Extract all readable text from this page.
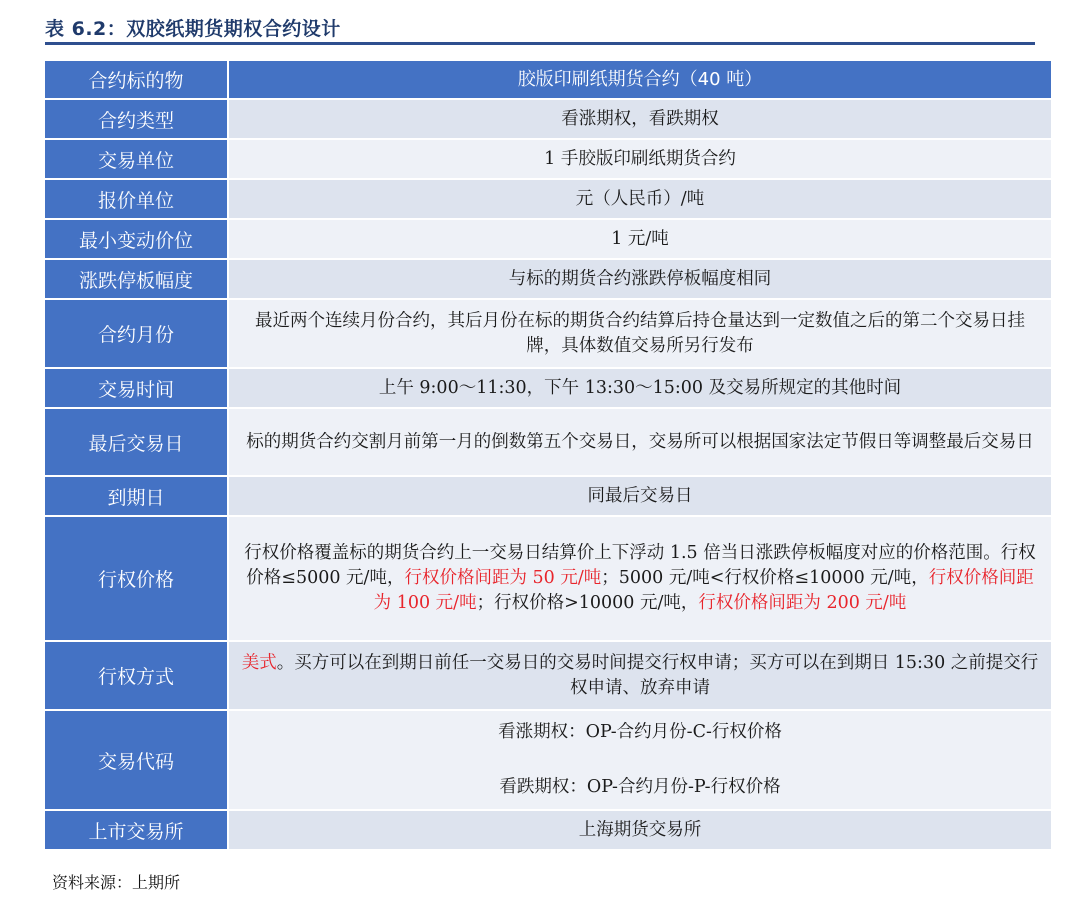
表 6.2：双胶纸期货期权合约设计
合约标的物	胶版印刷纸期货合约（40 吨）
合约类型	看涨期权，看跌期权
交易单位	1 手胶版印刷纸期货合约
报价单位	元（人民币）/吨
最小变动价位	1 元/吨
涨跌停板幅度	与标的期货合约涨跌停板幅度相同
合约月份	最近两个连续月份合约，其后月份在标的期货合约结算后持仓量达到一定数值之后的第二个交易日挂牌，具体数值交易所另行发布
交易时间	上午 9:00～11:30，下午 13:30～15:00 及交易所规定的其他时间
最后交易日	标的期货合约交割月前第一月的倒数第五个交易日，交易所可以根据国家法定节假日等调整最后交易日
到期日	同最后交易日
行权价格	行权价格覆盖标的期货合约上一交易日结算价上下浮动 1.5 倍当日涨跌停板幅度对应的价格范围。行权价格≤5000 元/吨，行权价格间距为 50 元/吨；5000 元/吨<行权价格≤10000 元/吨，行权价格间距为 100 元/吨；行权价格>10000 元/吨，行权价格间距为 200 元/吨
行权方式	美式。买方可以在到期日前任一交易日的交易时间提交行权申请；买方可以在到期日 15:30 之前提交行权申请、放弃申请
交易代码	看涨期权：OP-合约月份-C-行权价格
看跌期权：OP-合约月份-P-行权价格

上市交易所	上海期货交易所
资料来源：上期所
